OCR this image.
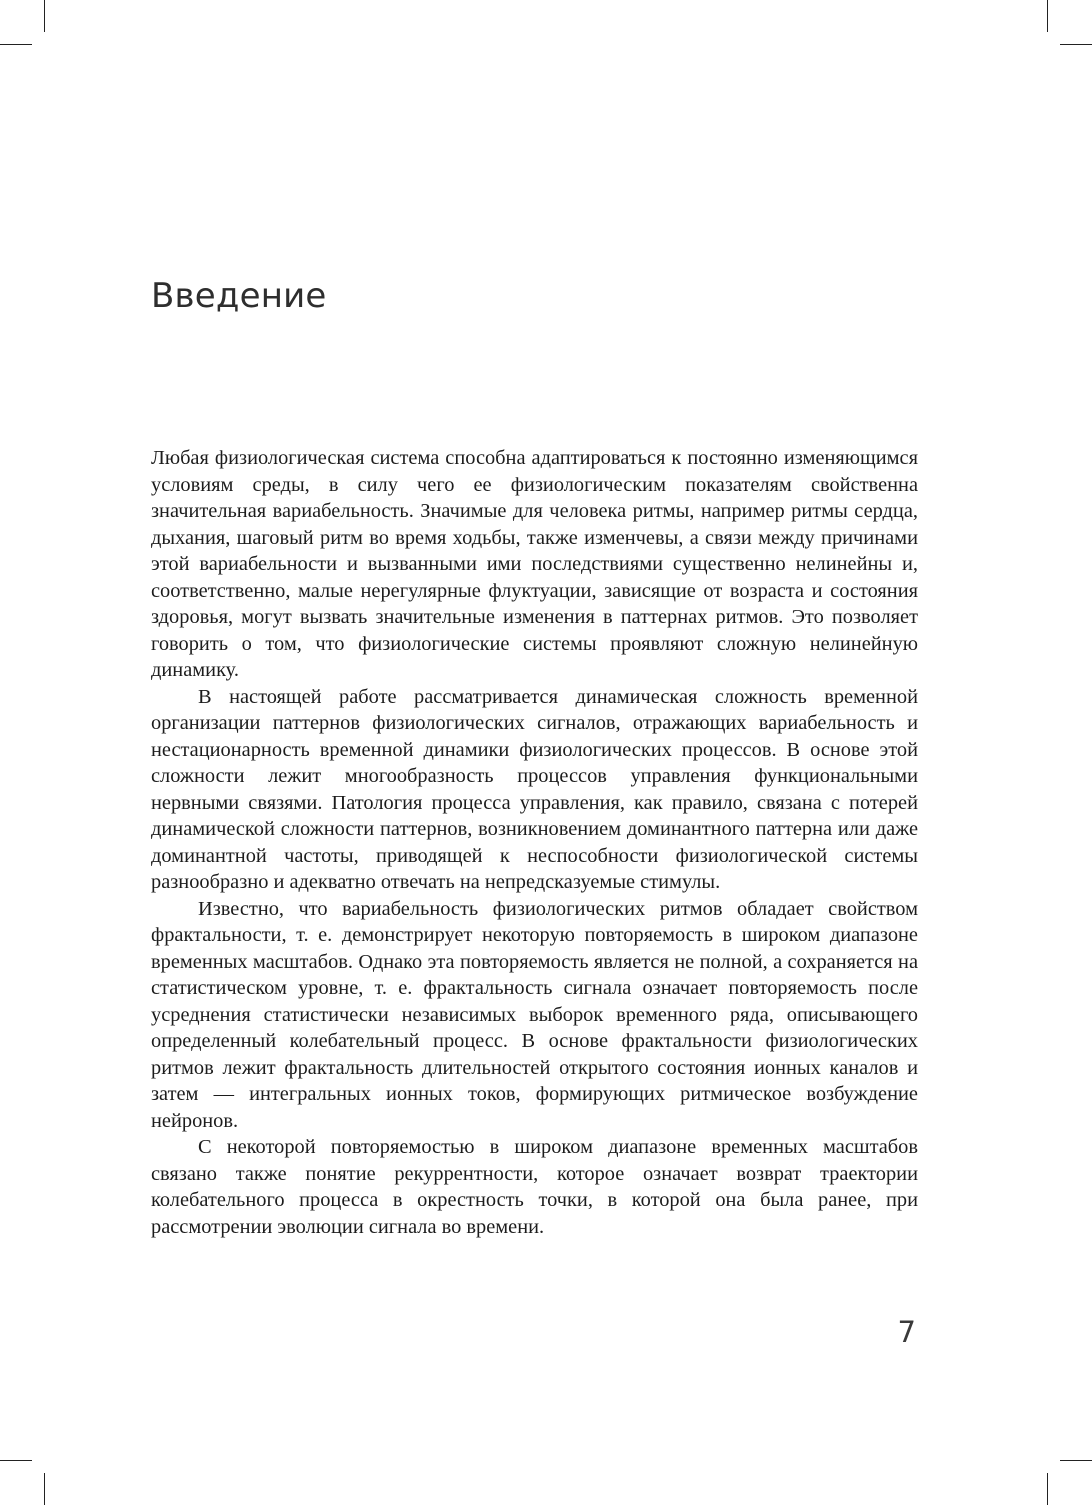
Введение

Любая физиологическая система способна адаптироваться к постоянно изменяющимся условиям среды, в силу чего ее физиологическим показателям свойственна значительная вариабельность. Значимые для человека ритмы, например ритмы сердца, дыхания, шаговый ритм во время ходьбы, также изменчевы, а связи между причинами этой вариабельности и вызванными ими последствиями существенно нелинейны и, соответственно, малые нерегулярные флуктуации, зависящие от возраста и состояния здоровья, могут вызвать значительные изменения в паттернах ритмов. Это позволяет говорить о том, что физиологические системы проявляют сложную нелинейную динамику.

В настоящей работе рассматривается динамическая сложность временной организации паттернов физиологических сигналов, отражающих вариабельность и нестационарность временной динамики физиологических процессов. В основе этой сложности лежит многообразность процессов управления функциональными нервными связями. Патология процесса управления, как правило, связана с потерей динамической сложности паттернов, возникновением доминантного паттерна или даже доминантной частоты, приводящей к неспособности физиологической системы разнообразно и адекватно отвечать на непредсказуемые стимулы.

Известно, что вариабельность физиологических ритмов обладает свойством фрактальности, т. е. демонстрирует некоторую повторяемость в широком диапазоне временных масштабов. Однако эта повторяемость является не полной, а сохраняется на статистическом уровне, т. е. фрактальность сигнала означает повторяемость после усреднения статистически независимых выборок временного ряда, описывающего определенный колебательный процесс. В основе фрактальности физиологических ритмов лежит фрактальность длительностей открытого состояния ионных каналов и затем — интегральных ионных токов, формирующих ритмическое возбуждение нейронов.

С некоторой повторяемостью в широком диапазоне временных масштабов связано также понятие рекуррентности, которое означает возврат траектории колебательного процесса в окрестность точки, в которой она была ранее, при рассмотрении эволюции сигнала во времени.

7
